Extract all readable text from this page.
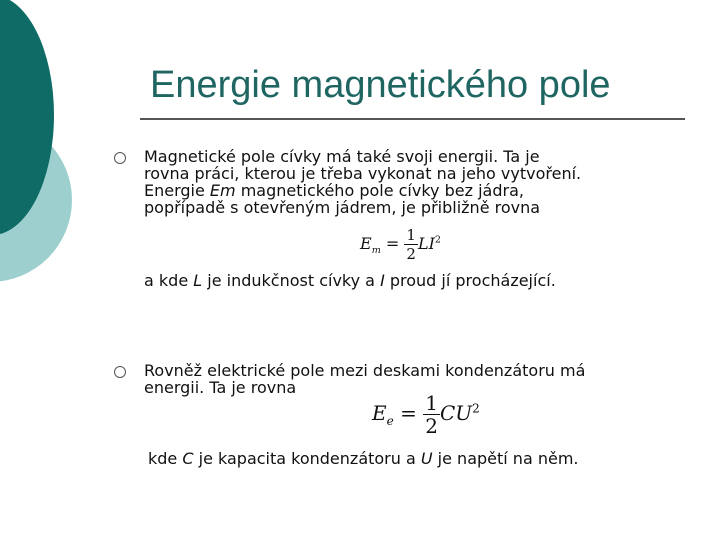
Energie magnetického pole
Magnetické pole cívky má také svoji energii. Ta je
rovna práci, kterou je třeba vykonat na jeho vytvoření.
Energie Em magnetického pole cívky bez jádra,
popřípadě s otevřeným jádrem, je přibližně rovna
$E_m = \frac{1}{2} LI^2$
a kde L je indukčnost cívky a I proud jí procházející.
Rovněž elektrické pole mezi deskami kondenzátoru má
energii. Ta je rovna
$E_e = \frac{1}{2} CU^2$
kde C je kapacita kondenzátoru a U je napětí na něm.
